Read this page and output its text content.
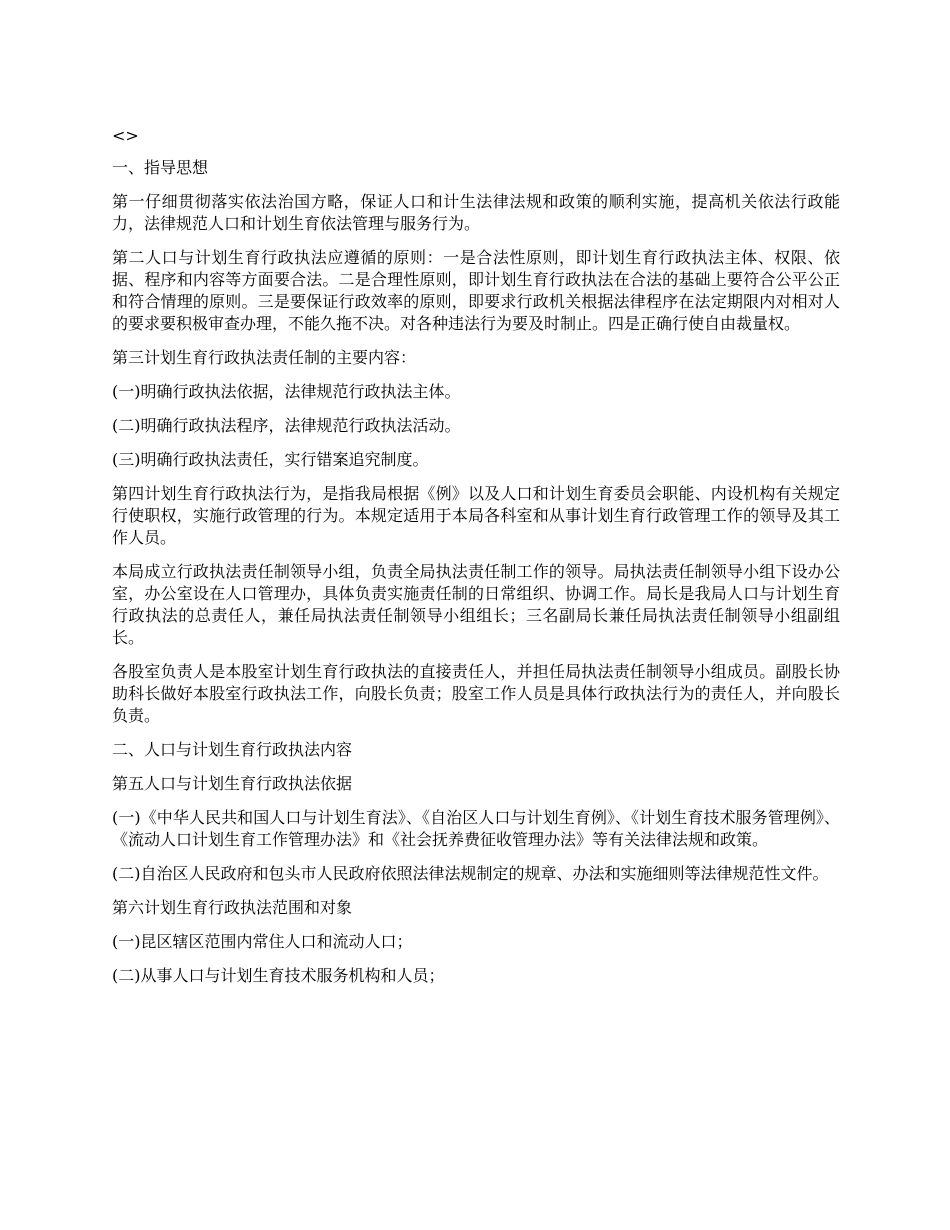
<>

一、指导思想

第一仔细贯彻落实依法治国方略，保证人口和计生法律法规和政策的顺利实施，提高机关依法行政能力，法律规范人口和计划生育依法管理与服务行为。

第二人口与计划生育行政执法应遵循的原则：一是合法性原则，即计划生育行政执法主体、权限、依据、程序和内容等方面要合法。二是合理性原则，即计划生育行政执法在合法的基础上要符合公平公正和符合情理的原则。三是要保证行政效率的原则，即要求行政机关根据法律程序在法定期限内对相对人的要求要积极审查办理，不能久拖不决。对各种违法行为要及时制止。四是正确行使自由裁量权。

第三计划生育行政执法责任制的主要内容：

(一)明确行政执法依据，法律规范行政执法主体。

(二)明确行政执法程序，法律规范行政执法活动。

(三)明确行政执法责任，实行错案追究制度。

第四计划生育行政执法行为，是指我局根据《例》以及人口和计划生育委员会职能、内设机构有关规定行使职权，实施行政管理的行为。本规定适用于本局各科室和从事计划生育行政管理工作的领导及其工作人员。

本局成立行政执法责任制领导小组，负责全局执法责任制工作的领导。局执法责任制领导小组下设办公室，办公室设在人口管理办，具体负责实施责任制的日常组织、协调工作。局长是我局人口与计划生育行政执法的总责任人，兼任局执法责任制领导小组组长；三名副局长兼任局执法责任制领导小组副组长。

各股室负责人是本股室计划生育行政执法的直接责任人，并担任局执法责任制领导小组成员。副股长协助科长做好本股室行政执法工作，向股长负责；股室工作人员是具体行政执法行为的责任人，并向股长负责。

二、人口与计划生育行政执法内容

第五人口与计划生育行政执法依据

(一)《中华人民共和国人口与计划生育法》、《自治区人口与计划生育例》、《计划生育技术服务管理例》、《流动人口计划生育工作管理办法》和《社会抚养费征收管理办法》等有关法律法规和政策。

(二)自治区人民政府和包头市人民政府依照法律法规制定的规章、办法和实施细则等法律规范性文件。

第六计划生育行政执法范围和对象

(一)昆区辖区范围内常住人口和流动人口；

(二)从事人口与计划生育技术服务机构和人员；
